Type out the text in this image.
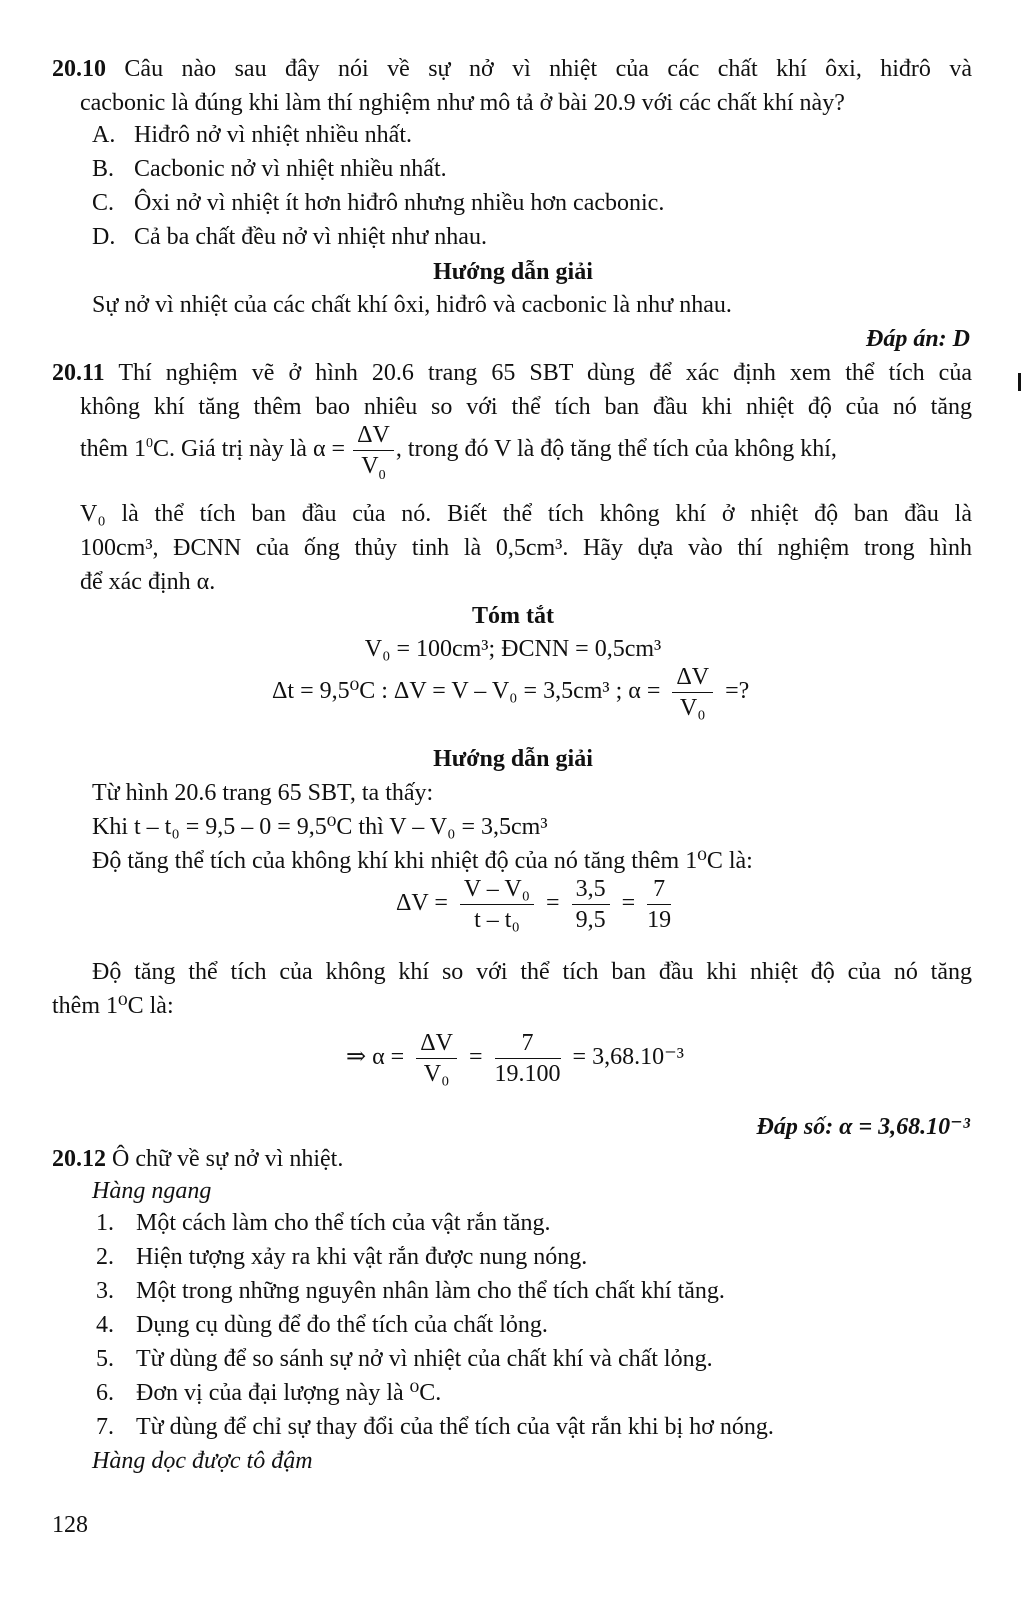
20.10 Câu nào sau đây nói về sự nở vì nhiệt của các chất khí ôxi, hiđrô và
cacbonic là đúng khi làm thí nghiệm như mô tả ở bài 20.9 với các chất khí này?
A. Hiđrô nở vì nhiệt nhiều nhất.
B. Cacbonic nở vì nhiệt nhiều nhất.
C. Ôxi nở vì nhiệt ít hơn hiđrô nhưng nhiều hơn cacbonic.
D. Cả ba chất đều nở vì nhiệt như nhau.
Hướng dẫn giải
Sự nở vì nhiệt của các chất khí ôxi, hiđrô và cacbonic là như nhau.
Đáp án: D
20.11 Thí nghiệm vẽ ở hình 20.6 trang 65 SBT dùng để xác định xem thể tích của
không khí tăng thêm bao nhiêu so với thể tích ban đầu khi nhiệt độ của nó tăng
thêm $1^0C$. Giá trị này là $\alpha = \frac{\Delta V}{V_0}$ , trong đó V là độ tăng thể tích của không khí,
V₀ là thể tích ban đầu của nó. Biết thể tích không khí ở nhiệt độ ban đầu là
100cm³, ĐCNN của ống thủy tinh là 0,5cm³. Hãy dựa vào thí nghiệm trong hình
để xác định α.
Tóm tắt
V₀ = 100cm³; ĐCNN = 0,5cm³
Δt = 9,5⁰C : ΔV = V – V₀ = 3,5cm³ ; $\alpha = \frac{\Delta V}{\text{V₀}}$ =?
Hướng dẫn giải
Từ hình 20.6 trang 65 SBT, ta thấy:
Khi t – t₀ = 9,5 – 0 = 9,5⁰C thì V – V₀ = 3,5cm³
Độ tăng thể tích của không khí khi nhiệt độ của nó tăng thêm 1⁰C là:
$\Delta V = \frac{\text{V – V₀}}{\text{t – t₀}} = \frac{3,5}{9,5} = \frac{7}{19}$
Độ tăng thể tích của không khí so với thể tích ban đầu khi nhiệt độ của nó tăng
thêm 1⁰C là:
⇒ $\alpha = \frac{\Delta V}{\text{V₀}} = \frac{7}{19.100} = 3,68.10^{-3}$
Đáp số: α = 3,68.10⁻³
20.12 Ô chữ về sự nở vì nhiệt.
Hàng ngang
1. Một cách làm cho thể tích của vật rắn tăng.
2. Hiện tượng xảy ra khi vật rắn được nung nóng.
3. Một trong những nguyên nhân làm cho thể tích chất khí tăng.
4. Dụng cụ dùng để đo thể tích của chất lỏng.
5. Từ dùng để so sánh sự nở vì nhiệt của chất khí và chất lỏng.
6. Đơn vị của đại lượng này là ⁰C.
7. Từ dùng để chỉ sự thay đổi của thể tích của vật rắn khi bị hơ nóng.
Hàng dọc được tô đậm
128
